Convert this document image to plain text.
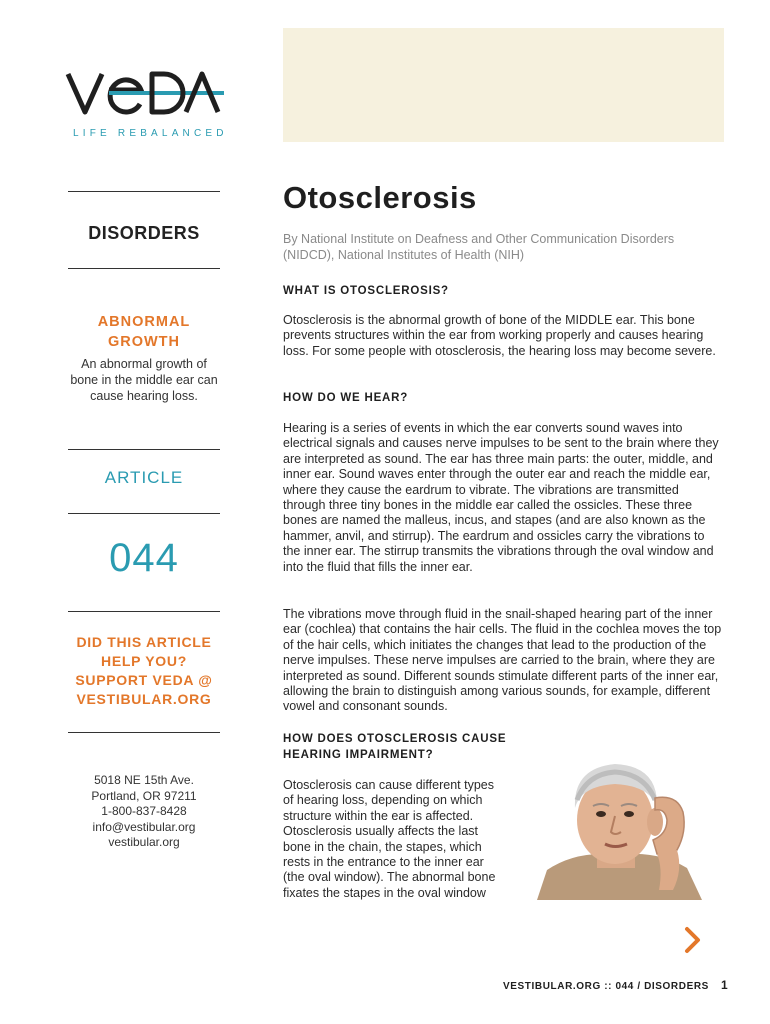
LIFE REBALANCED
DISORDERS
ABNORMAL GROWTH
An abnormal growth of bone in the middle ear can cause hearing loss.
ARTICLE
044
DID THIS ARTICLE HELP YOU? SUPPORT VEDA @ VESTIBULAR.ORG
5018 NE 15th Ave.
Portland, OR 97211
1-800-837-8428
info@vestibular.org
vestibular.org
Otosclerosis
By National Institute on Deafness and Other Communication Disorders (NIDCD), National Institutes of Health (NIH)
WHAT IS OTOSCLEROSIS?
Otosclerosis is the abnormal growth of bone of the MIDDLE ear. This bone prevents structures within the ear from working properly and causes hearing loss. For some people with otosclerosis, the hearing loss may become severe.
HOW DO WE HEAR?
Hearing is a series of events in which the ear converts sound waves into electrical signals and causes nerve impulses to be sent to the brain where they are interpreted as sound. The ear has three main parts: the outer, middle, and inner ear. Sound waves enter through the outer ear and reach the middle ear, where they cause the eardrum to vibrate. The vibrations are transmitted through three tiny bones in the middle ear called the ossicles. These three bones are named the malleus, incus, and stapes (and are also known as the hammer, anvil, and stirrup). The eardrum and ossicles carry the vibrations to the inner ear. The stirrup transmits the vibrations through the oval window and into the fluid that fills the inner ear.
The vibrations move through fluid in the snail-shaped hearing part of the inner ear (cochlea) that contains the hair cells. The fluid in the cochlea moves the top of the hair cells, which initiates the changes that lead to the production of the nerve impulses. These nerve impulses are carried to the brain, where they are interpreted as sound. Different sounds stimulate different parts of the inner ear, allowing the brain to distinguish among various sounds, for example, different vowel and consonant sounds.
HOW DOES OTOSCLEROSIS CAUSE HEARING IMPAIRMENT?
Otosclerosis can cause different types of hearing loss, depending on which structure within the ear is affected. Otosclerosis usually affects the last bone in the chain, the stapes, which rests in the entrance to the inner ear (the oval window). The abnormal bone fixates the stapes in the oval window
VESTIBULAR.ORG :: 044 / DISORDERS 1
